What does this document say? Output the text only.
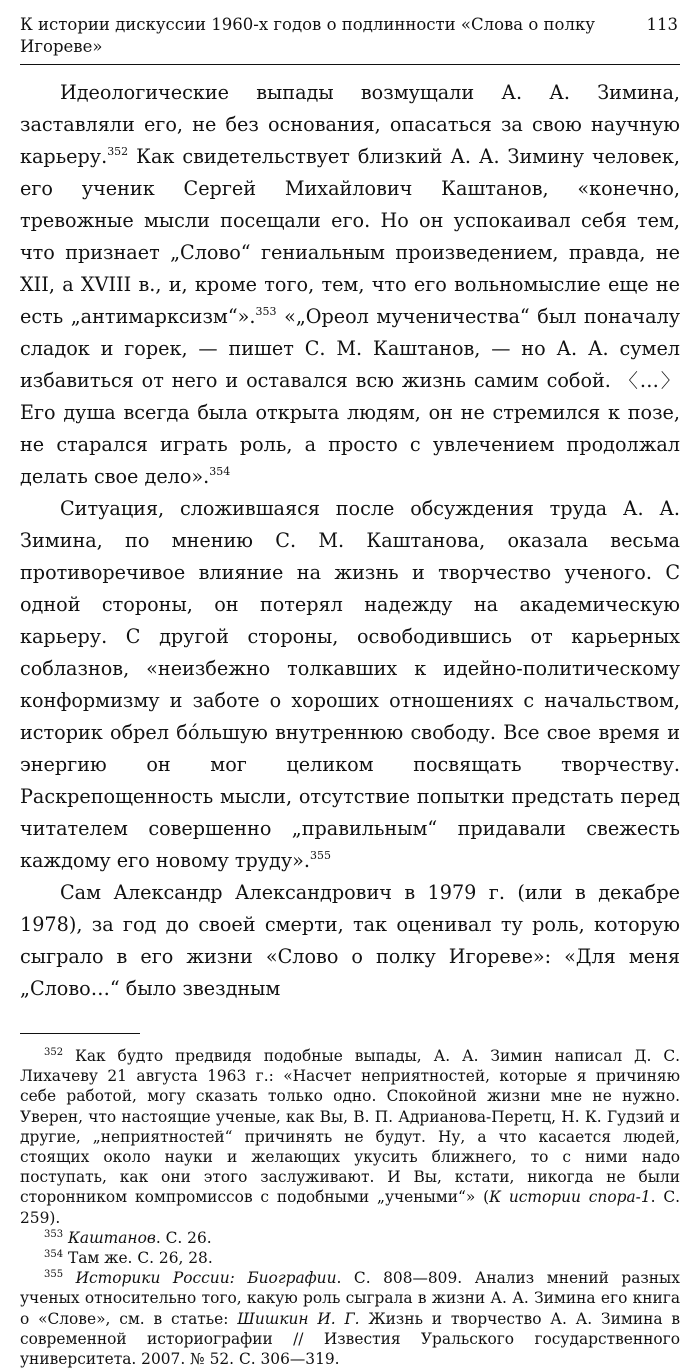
К истории дискуссии 1960-х годов о подлинности «Слова о полку Игореве»
113

Идеологические выпады возмущали А. А. Зимина, заставляли его, не без основания, опасаться за свою научную карьеру.$^{352}$ Как свидетельствует близкий А. А. Зимину человек, его ученик Сергей Михайлович Каштанов, «конечно, тревожные мысли посещали его. Но он успокаивал себя тем, что признает „Слово“ гениальным произведением, правда, не XII, а XVIII в., и, кроме того, тем, что его вольномыслие еще не есть „антимарксизм“».$^{353}$ «„Ореол мученичества“ был поначалу сладок и горек, — пишет С. М. Каштанов, — но А. А. сумел избавиться от него и оставался всю жизнь самим собой. 〈…〉 Его душа всегда была открыта людям, он не стремился к позе, не старался играть роль, а просто с увлечением продолжал делать свое дело».$^{354}$

Ситуация, сложившаяся после обсуждения труда А. А. Зимина, по мнению С. М. Каштанова, оказала весьма противоречивое влияние на жизнь и творчество ученого. С одной стороны, он потерял надежду на академическую карьеру. С другой стороны, освободившись от карьерных соблазнов, «неизбежно толкавших к идейно-политическому конформизму и заботе о хороших отношениях с начальством, историк обрел бо́льшую внутреннюю свободу. Все свое время и энергию он мог целиком посвящать творчеству. Раскрепощенность мысли, отсутствие попытки предстать перед читателем совершенно „правильным“ придавали свежесть каждому его новому труду».$^{355}$

Сам Александр Александрович в 1979 г. (или в декабре 1978), за год до своей смерти, так оценивал ту роль, которую сыграло в его жизни «Слово о полку Игореве»: «Для меня „Слово…“ было звездным

$^{352}$ Как будто предвидя подобные выпады, А. А. Зимин написал Д. С. Лихачеву 21 августа 1963 г.: «Насчет неприятностей, которые я причиняю себе работой, могу сказать только одно. Спокойной жизни мне не нужно. Уверен, что настоящие ученые, как Вы, В. П. Адрианова-Перетц, Н. К. Гудзий и другие, „неприятностей“ причинять не будут. Ну, а что касается людей, стоящих около науки и желающих укусить ближнего, то с ними надо поступать, как они этого заслуживают. И Вы, кстати, никогда не были сторонником компромиссов с подобными „учеными“» (К истории спора-1. С. 259).

$^{353}$ Каштанов. С. 26.

$^{354}$ Там же. С. 26, 28.

$^{355}$ Историки России: Биографии. С. 808—809. Анализ мнений разных ученых относительно того, какую роль сыграла в жизни А. А. Зимина его книга о «Слове», см. в статье: Шишкин И. Г. Жизнь и творчество А. А. Зимина в современной историографии // Известия Уральского государственного университета. 2007. № 52. С. 306—319.
